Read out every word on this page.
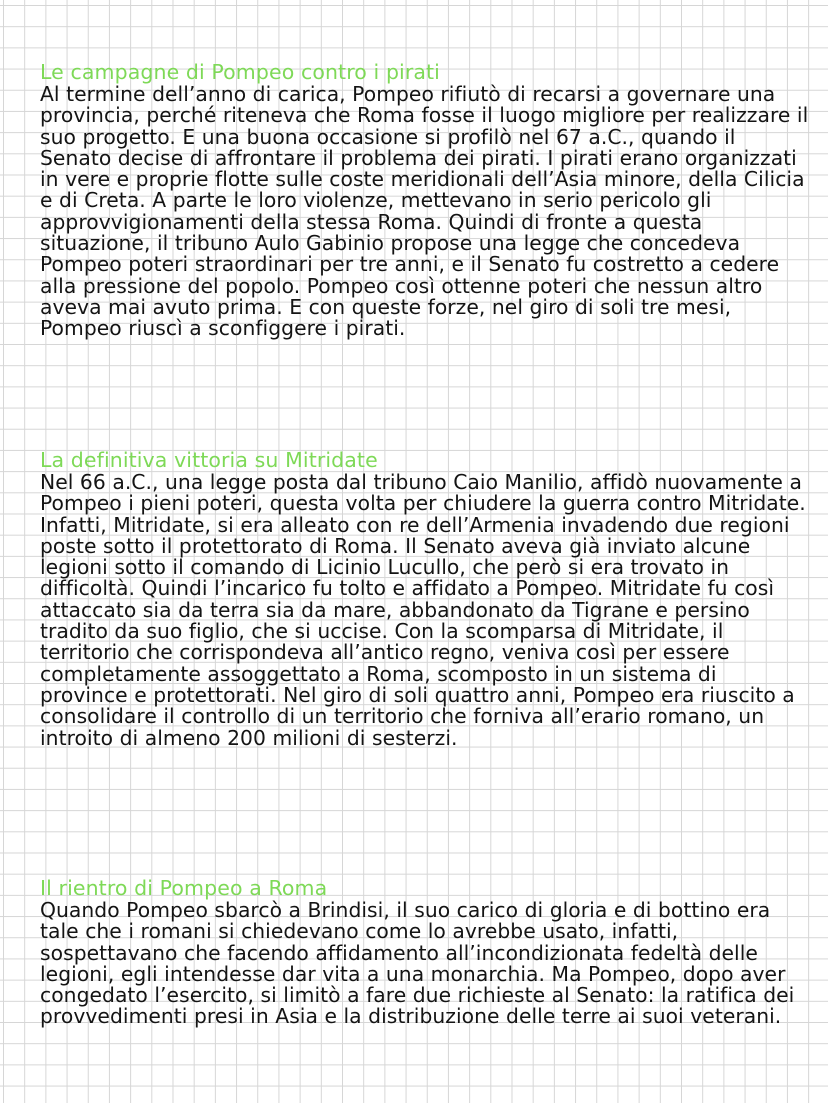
Le campagne di Pompeo contro i pirati

Al termine dell’anno di carica, Pompeo rifiutò di recarsi a governare una provincia, perché riteneva che Roma fosse il luogo migliore per realizzare il suo progetto. E una buona occasione si profilò nel 67 a.C., quando il Senato decise di affrontare il problema dei pirati. I pirati erano organizzati in vere e proprie flotte sulle coste meridionali dell’Asia minore, della Cilicia e di Creta. A parte le loro violenze, mettevano in serio pericolo gli approvvigionamenti della stessa Roma. Quindi di fronte a questa situazione, il tribuno Aulo Gabinio propose una legge che concedeva Pompeo poteri straordinari per tre anni, e il Senato fu costretto a cedere alla pressione del popolo. Pompeo così ottenne poteri che nessun altro aveva mai avuto prima. E con queste forze, nel giro di soli tre mesi, Pompeo riuscì a sconfiggere i pirati.

La definitiva vittoria su Mitridate

Nel 66 a.C., una legge posta dal tribuno Caio Manilio, affidò nuovamente a Pompeo i pieni poteri, questa volta per chiudere la guerra contro Mitridate. Infatti, Mitridate, si era alleato con re dell’Armenia invadendo due regioni poste sotto il protettorato di Roma. Il Senato aveva già inviato alcune legioni sotto il comando di Licinio Lucullo, che però si era trovato in difficoltà. Quindi l’incarico fu tolto e affidato a Pompeo. Mitridate fu così attaccato sia da terra sia da mare, abbandonato da Tigrane e persino tradito da suo figlio, che si uccise. Con la scomparsa di Mitridate, il territorio che corrispondeva all’antico regno, veniva così per essere completamente assoggettato a Roma, scomposto in un sistema di province e protettorati. Nel giro di soli quattro anni, Pompeo era riuscito a consolidare il controllo di un territorio che forniva all’erario romano, un introito di almeno 200 milioni di sesterzi.

Il rientro di Pompeo a Roma

Quando Pompeo sbarcò a Brindisi, il suo carico di gloria e di bottino era tale che i romani si chiedevano come lo avrebbe usato, infatti, sospettavano che facendo affidamento all’incondizionata fedeltà delle legioni, egli intendesse dar vita a una monarchia. Ma Pompeo, dopo aver congedato l’esercito, si limitò a fare due richieste al Senato: la ratifica dei provvedimenti presi in Asia e la distribuzione delle terre ai suoi veterani.
